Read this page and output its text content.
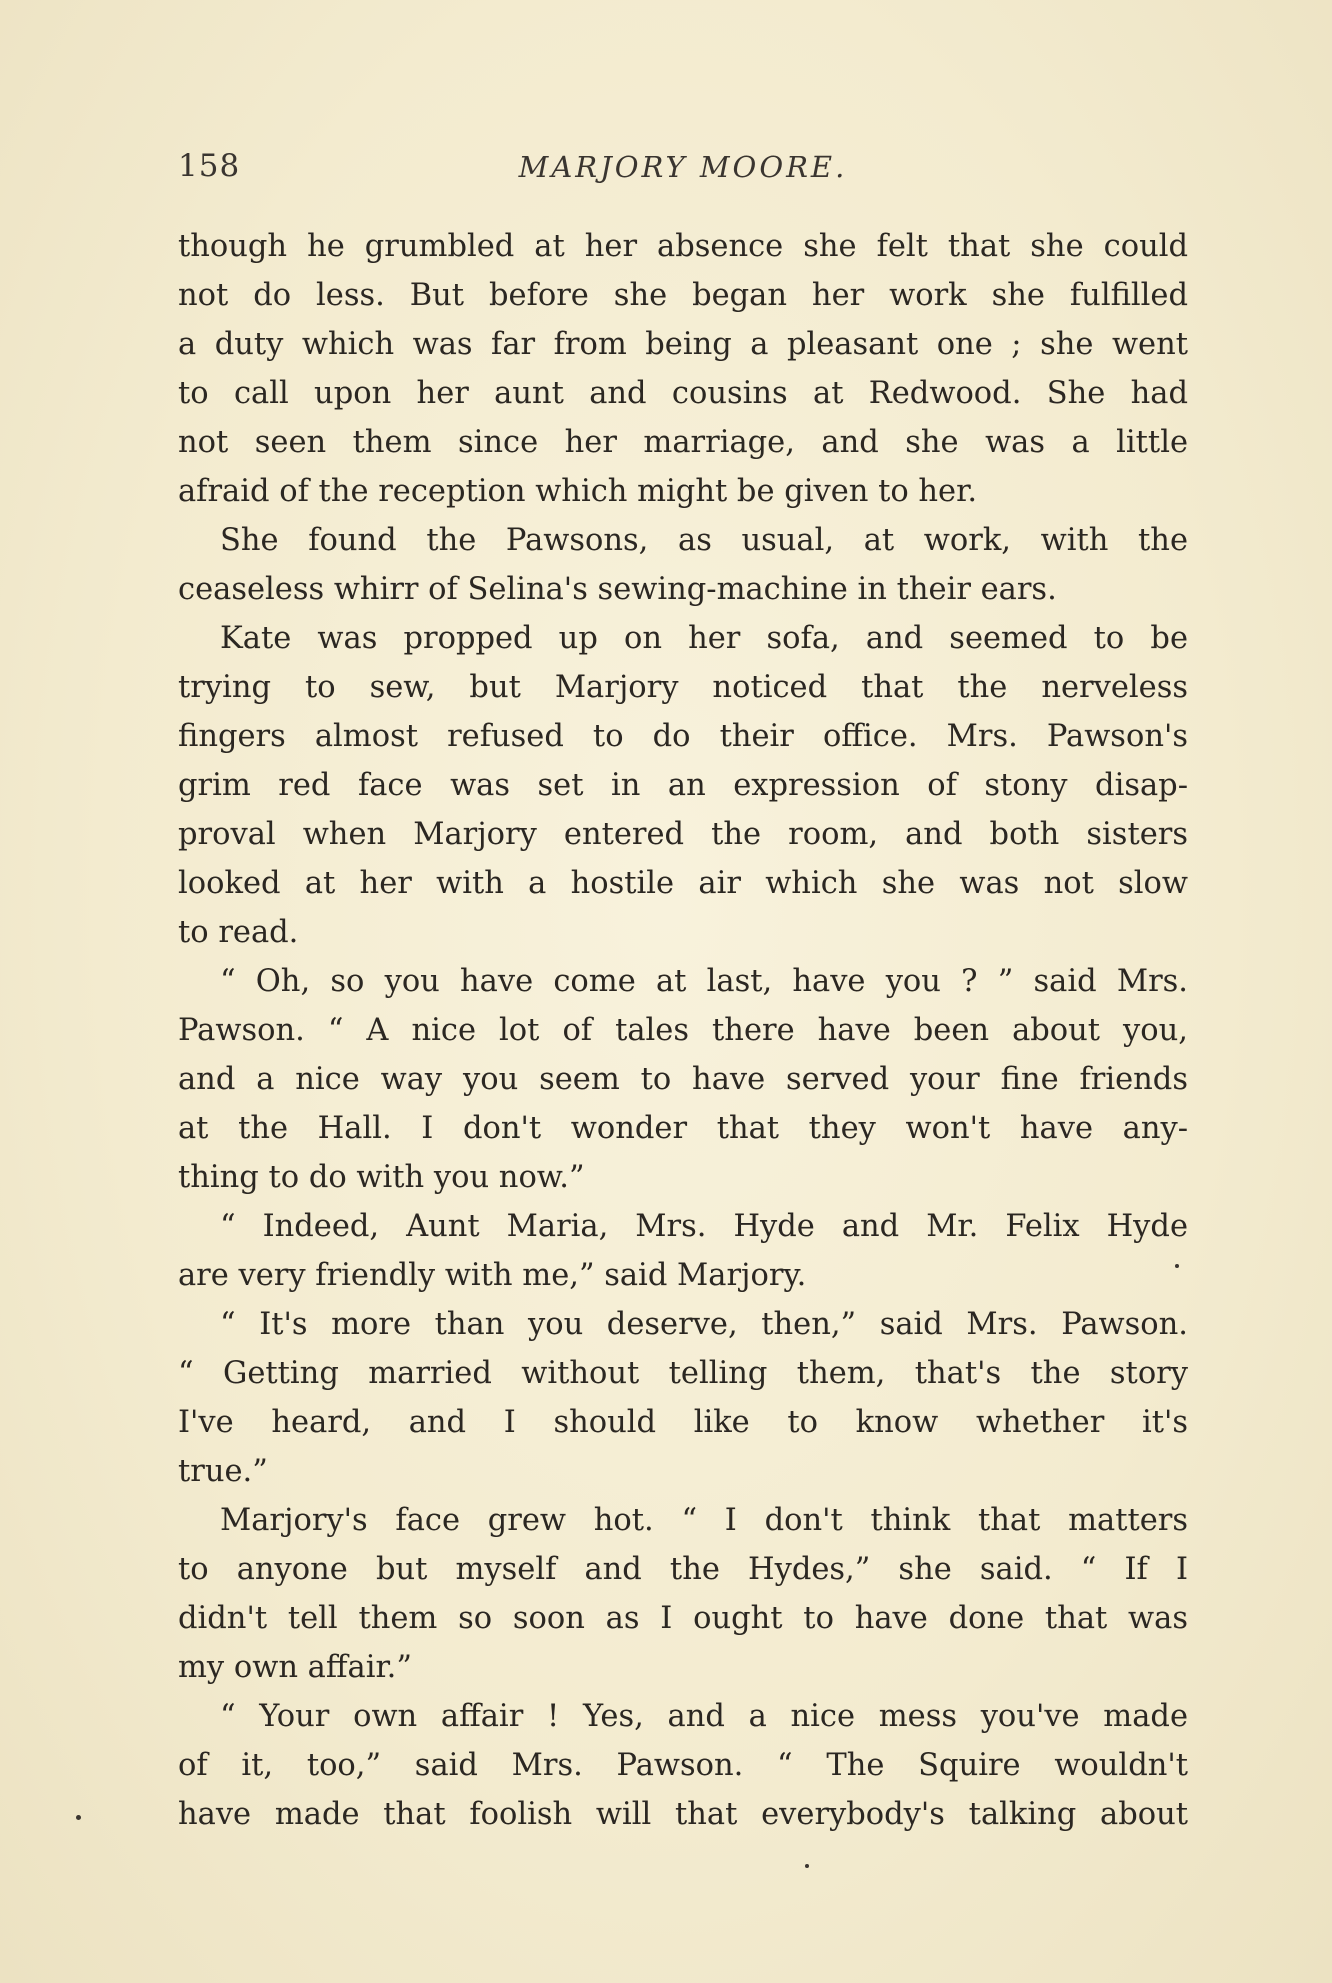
158	MARJORY MOORE.
though he grumbled at her absence she felt that she could
not do less. But before she began her work she fulfilled
a duty which was far from being a pleasant one ; she went
to call upon her aunt and cousins at Redwood. She had
not seen them since her marriage, and she was a little
afraid of the reception which might be given to her.
She found the Pawsons, as usual, at work, with the
ceaseless whirr of Selina's sewing-machine in their ears.
Kate was propped up on her sofa, and seemed to be
trying to sew, but Marjory noticed that the nerveless
fingers almost refused to do their office. Mrs. Pawson's
grim red face was set in an expression of stony disap-
proval when Marjory entered the room, and both sisters
looked at her with a hostile air which she was not slow
to read.
“ Oh, so you have come at last, have you ? ” said Mrs.
Pawson. “ A nice lot of tales there have been about you,
and a nice way you seem to have served your fine friends
at the Hall. I don't wonder that they won't have any-
thing to do with you now.”
“ Indeed, Aunt Maria, Mrs. Hyde and Mr. Felix Hyde
are very friendly with me,” said Marjory.
“ It's more than you deserve, then,” said Mrs. Pawson.
“ Getting married without telling them, that's the story
I've heard, and I should like to know whether it's
true.”
Marjory's face grew hot. “ I don't think that matters
to anyone but myself and the Hydes,” she said. “ If I
didn't tell them so soon as I ought to have done that was
my own affair.”
“ Your own affair ! Yes, and a nice mess you've made
of it, too,” said Mrs. Pawson. “ The Squire wouldn't
have made that foolish will that everybody's talking about
